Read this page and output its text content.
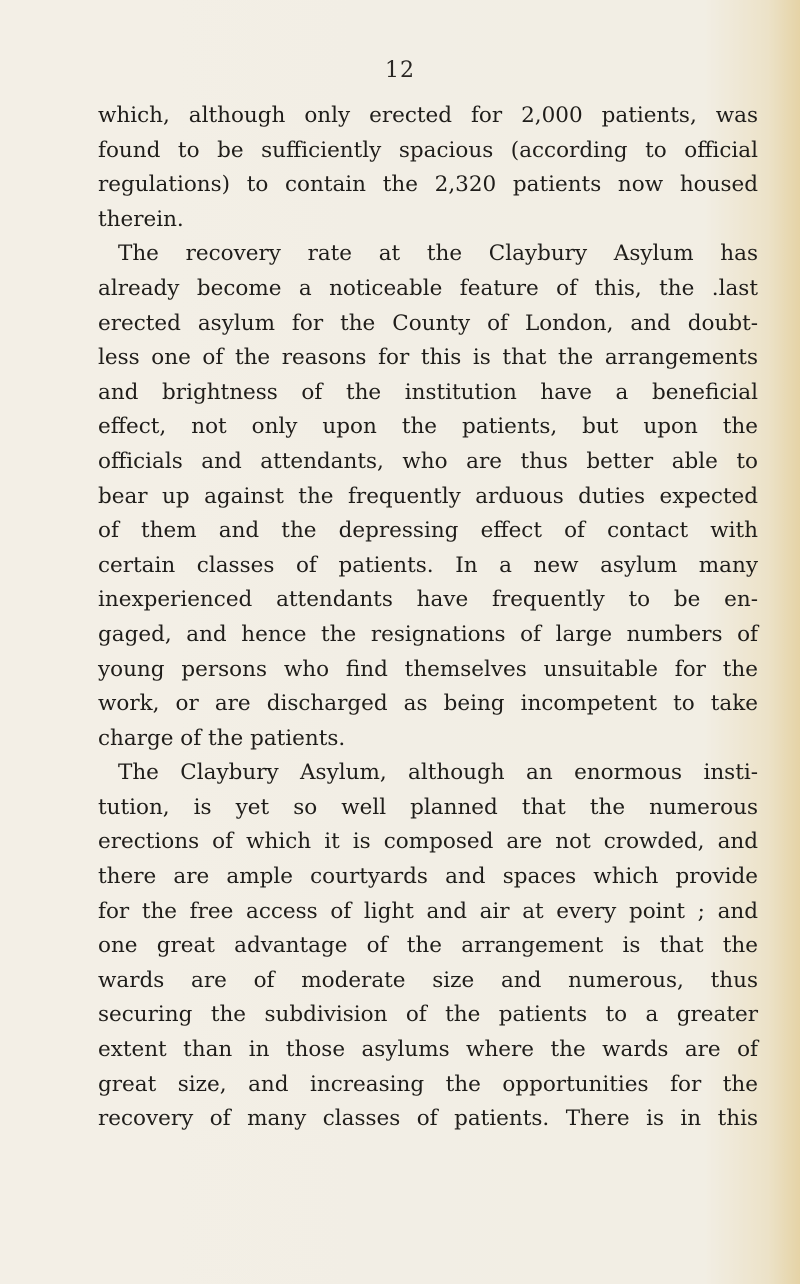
12
which, although only erected for 2,000 patients, was
found to be sufficiently spacious (according to official
regulations) to contain the 2,320 patients now housed
therein.
The recovery rate at the Claybury Asylum has
already become a noticeable feature of this, the .last
erected asylum for the County of London, and doubt-
less one of the reasons for this is that the arrangements
and brightness of the institution have a beneficial
effect, not only upon the patients, but upon the
officials and attendants, who are thus better able to
bear up against the frequently arduous duties expected
of them and the depressing effect of contact with
certain classes of patients. In a new asylum many
inexperienced attendants have frequently to be en-
gaged, and hence the resignations of large numbers of
young persons who find themselves unsuitable for the
work, or are discharged as being incompetent to take
charge of the patients.
The Claybury Asylum, although an enormous insti-
tution, is yet so well planned that the numerous
erections of which it is composed are not crowded, and
there are ample courtyards and spaces which provide
for the free access of light and air at every point ; and
one great advantage of the arrangement is that the
wards are of moderate size and numerous, thus
securing the subdivision of the patients to a greater
extent than in those asylums where the wards are of
great size, and increasing the opportunities for the
recovery of many classes of patients. There is in this
